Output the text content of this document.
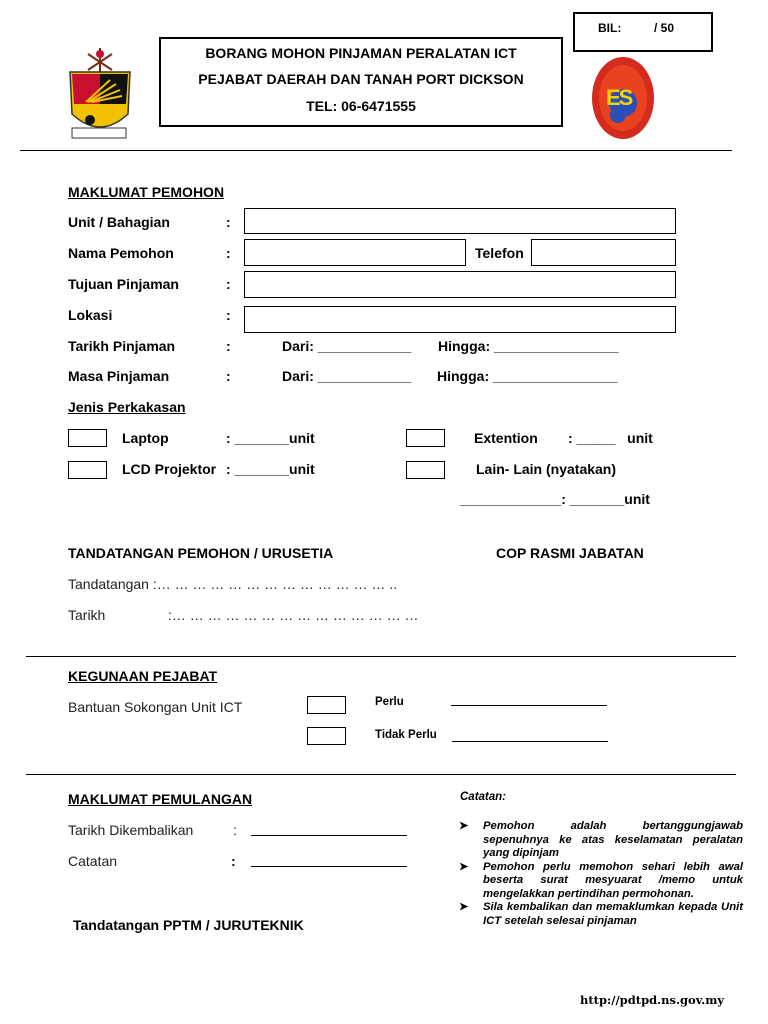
BIL:	/ 50
BORANG MOHON PINJAMAN PERALATAN ICT
PEJABAT DAERAH DAN TANAH PORT DICKSON
TEL: 06-6471555	ES
MAKLUMAT PEMOHON
Unit / Bahagian	:
Nama Pemohon	:	Telefon
Tujuan Pinjaman	:
Lokasi	:
Tarikh Pinjaman	:	Dari: ____________ Hingga: ________________
Masa Pinjaman	:	Dari: ____________ Hingga: ________________
Jenis Perkakasan
Laptop	: _______unit	Extention : _____   unit
LCD Projektor : _______unit	Lain- Lain (nyatakan)
_____________: _______unit
TANDATANGAN PEMOHON / URUSETIA	COP RASMI JABATAN
Tandatangan :… … … … … … … … … … … … … ..
Tarikh	:… … … … … … … … … … … … … …
KEGUNAAN PEJABAT
Bantuan Sokongan Unit ICT	Perlu
Tidak Perlu
MAKLUMAT PEMULANGAN
Tarikh Dikembalikan	:
Catatan	:
Tandatangan PPTM / JURUTEKNIK
Catatan:
➤ Pemohon adalah bertanggungjawab sepenuhnya ke atas keselamatan peralatan yang dipinjam
➤ Pemohon perlu memohon sehari lebih awal beserta surat mesyuarat /memo untuk mengelakkan pertindihan permohonan.
➤ Sila kembalikan dan memaklumkan kepada Unit ICT setelah selesai pinjaman
http://pdtpd.ns.gov.my
